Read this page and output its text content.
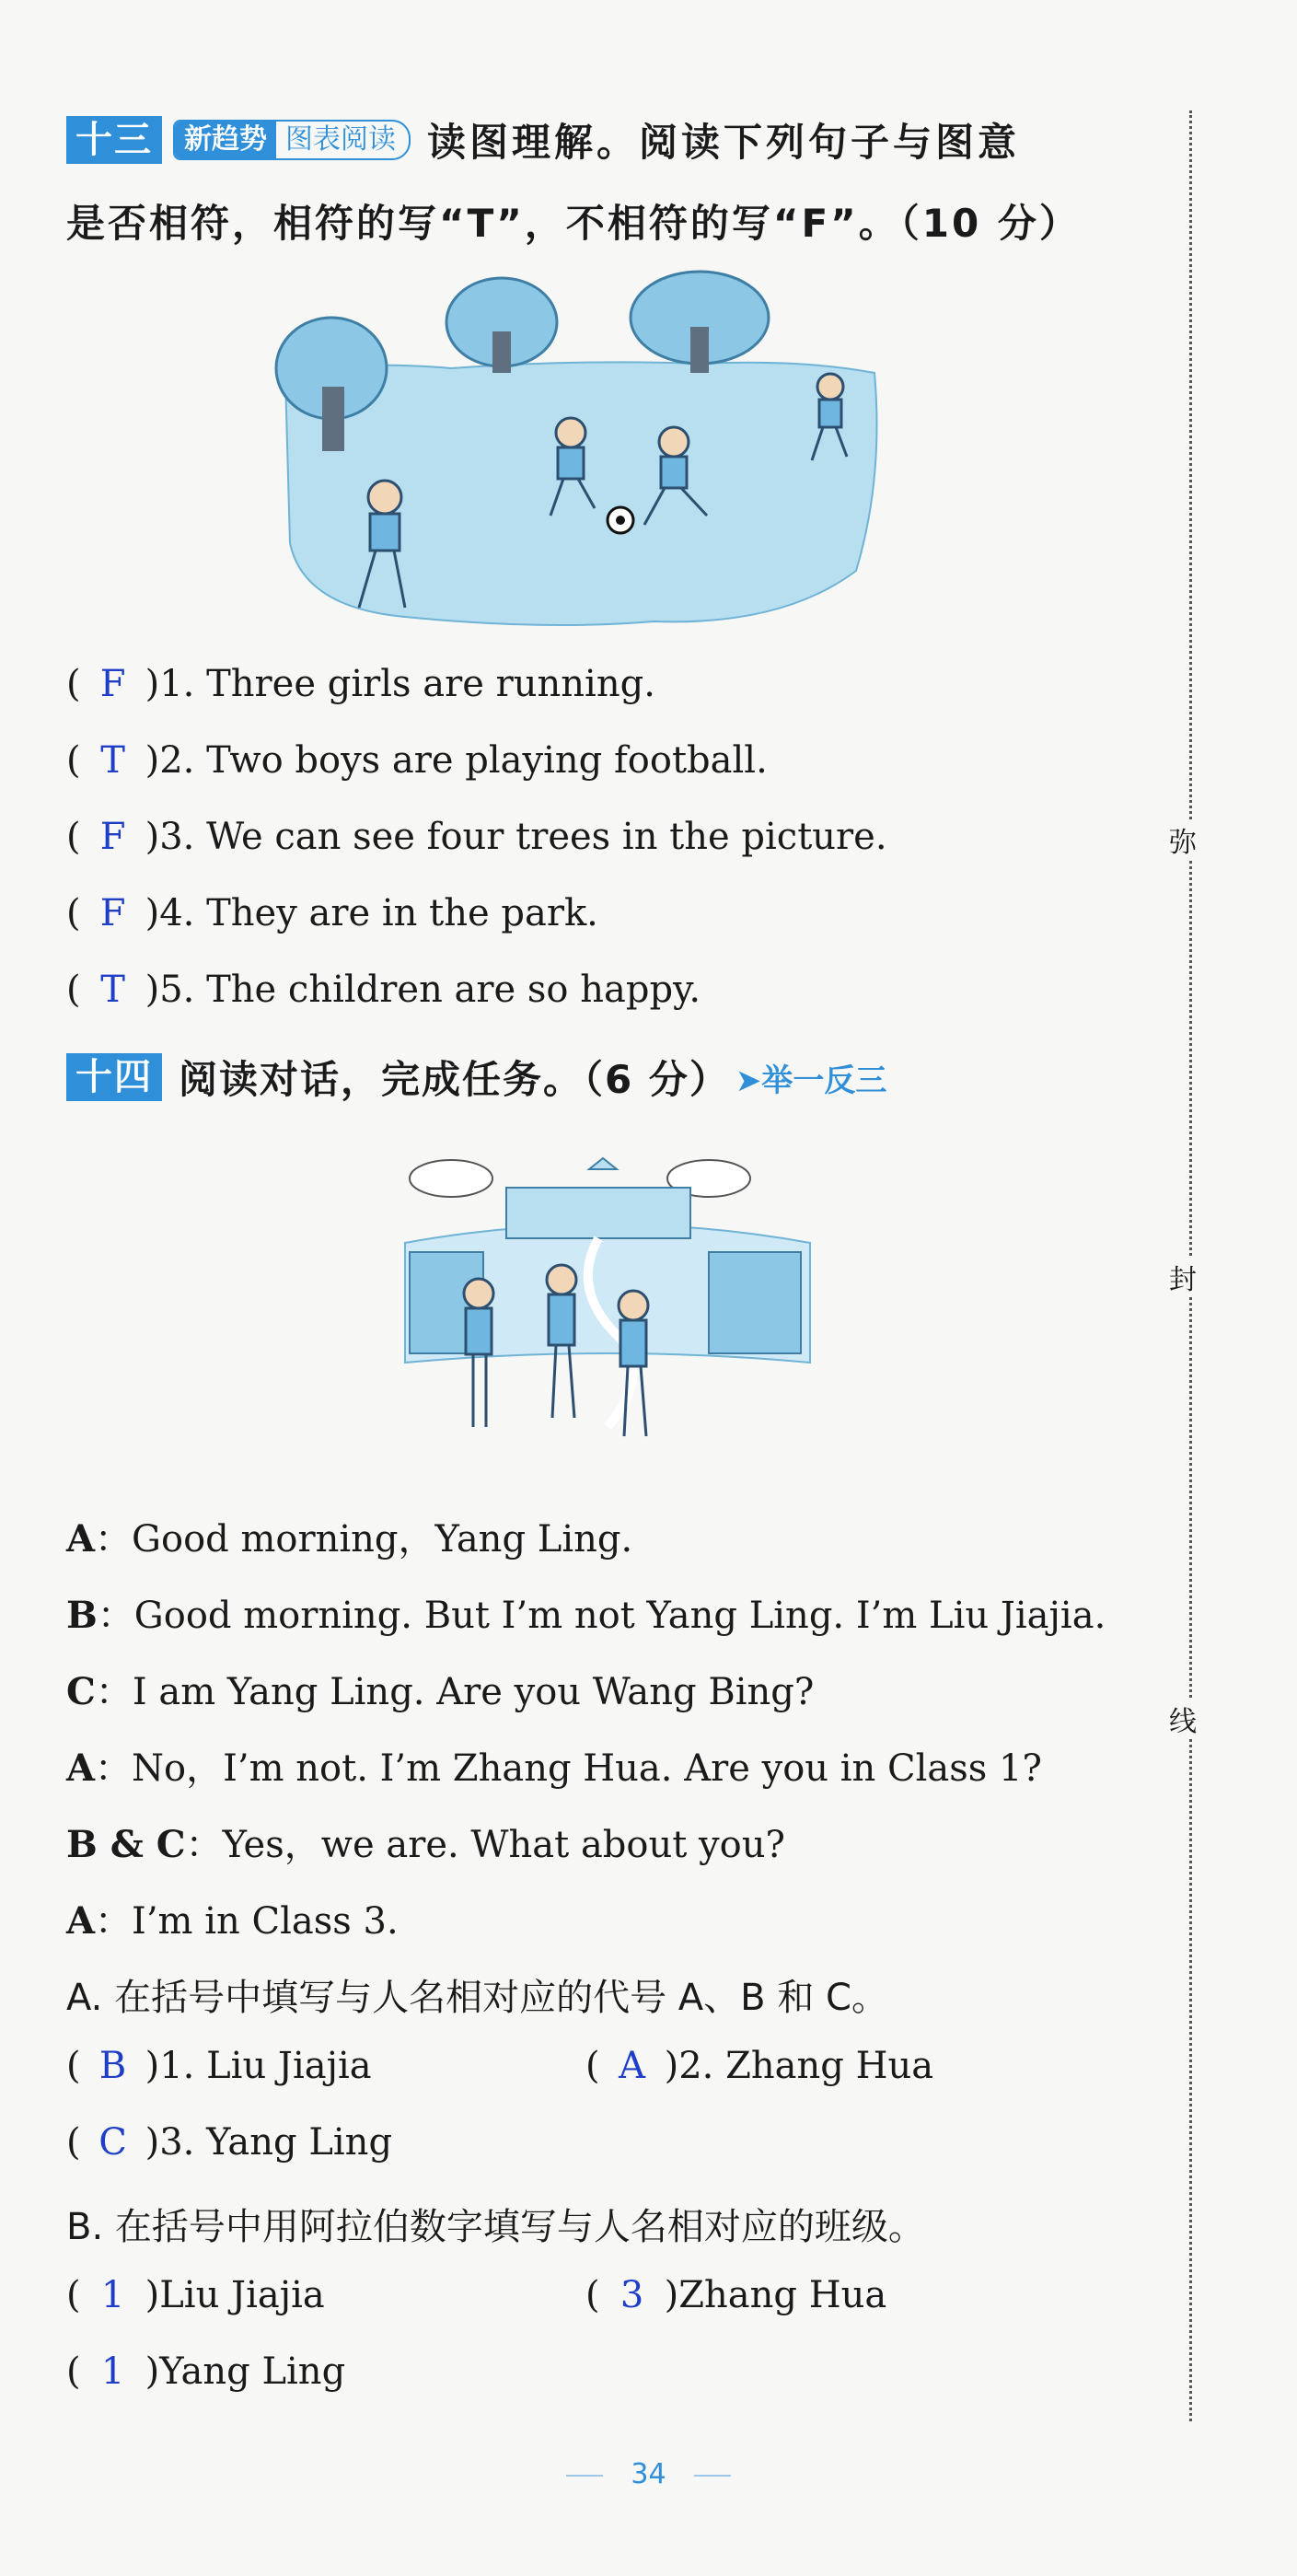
十三	新趋势 图表阅读 读图理解。阅读下列句子与图意
是否相符，相符的写“T”，不相符的写“F”。（10 分）
( F )1. Three girls are running.
( T )2. Two boys are playing football.
( F )3. We can see four trees in the picture.
( F )4. They are in the park.
( T )5. The children are so happy.
十四 阅读对话，完成任务。（6 分） ➤举一反三
A：Good morning，Yang Ling.
B：Good morning. But I’m not Yang Ling. I’m Liu Jiajia.
C：I am Yang Ling. Are you Wang Bing?
A：No，I’m not. I’m Zhang Hua. Are you in Class 1?
B & C：Yes，we are. What about you?
A：I’m in Class 3.
A. 在括号中填写与人名相对应的代号 A、B 和 C。
( B )1. Liu Jiajia	( A )2. Zhang Hua
( C )3. Yang Ling
B. 在括号中用阿拉伯数字填写与人名相对应的班级。
( 1 )Liu Jiajia	( 3 )Zhang Hua
( 1 )Yang Ling
弥
封
线
34
